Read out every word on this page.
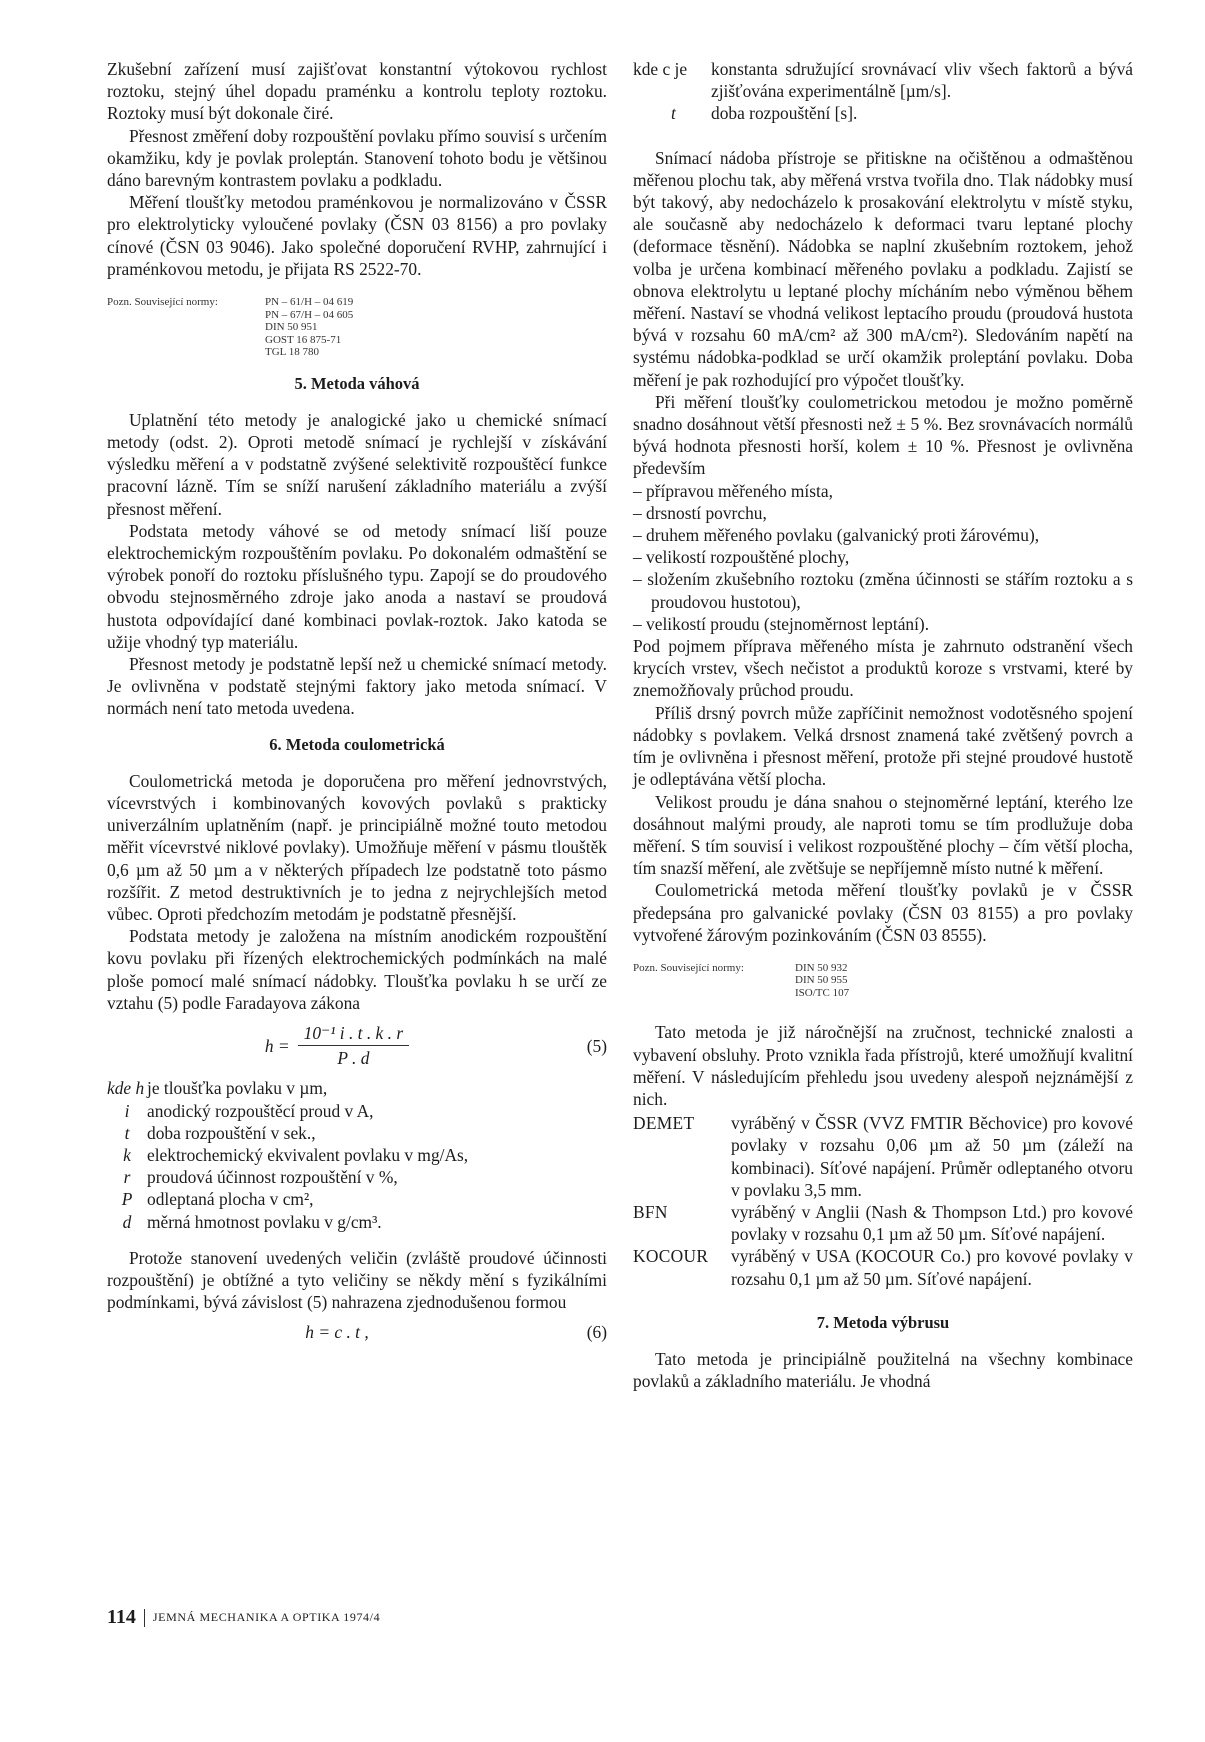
Zkušební zařízení musí zajišťovat konstantní výtokovou rychlost roztoku, stejný úhel dopadu praménku a kontrolu teploty roztoku. Roztoky musí být dokonale čiré.

Přesnost změření doby rozpouštění povlaku přímo souvisí s určením okamžiku, kdy je povlak proleptán. Stanovení tohoto bodu je většinou dáno barevným kontrastem povlaku a podkladu.

Měření tloušťky metodou praménkovou je normalizováno v ČSSR pro elektrolyticky vyloučené povlaky (ČSN 03 8156) a pro povlaky cínové (ČSN 03 9046). Jako společné doporučení RVHP, zahrnující i praménkovou metodu, je přijata RS 2522-70.

Pozn. Související normy:	PN – 61/H – 04 619
PN – 67/H – 04 605
DIN 50 951
GOST 16 875-71
TGL 18 780
5. Metoda váhová

Uplatnění této metody je analogické jako u chemické snímací metody (odst. 2). Oproti metodě snímací je rychlejší v získávání výsledku měření a v podstatně zvýšené selektivitě rozpouštěcí funkce pracovní lázně. Tím se sníží narušení základního materiálu a zvýší přesnost měření.

Podstata metody váhové se od metody snímací liší pouze elektrochemickým rozpouštěním povlaku. Po dokonalém odmaštění se výrobek ponoří do roztoku příslušného typu. Zapojí se do proudového obvodu stejnosměrného zdroje jako anoda a nastaví se proudová hustota odpovídající dané kombinaci povlak-roztok. Jako katoda se užije vhodný typ materiálu.

Přesnost metody je podstatně lepší než u chemické snímací metody. Je ovlivněna v podstatě stejnými faktory jako metoda snímací. V normách není tato metoda uvedena.

6. Metoda coulometrická

Coulometrická metoda je doporučena pro měření jednovrstvých, vícevrstvých i kombinovaných kovových povlaků s prakticky univerzálním uplatněním (např. je principiálně možné touto metodou měřit vícevrstvé niklové povlaky). Umožňuje měření v pásmu tlouštěk 0,6 µm až 50 µm a v některých případech lze podstatně toto pásmo rozšířit. Z metod destruktivních je to jedna z nejrychlejších metod vůbec. Oproti předchozím metodám je podstatně přesnější.

Podstata metody je založena na místním anodickém rozpouštění kovu povlaku při řízených elektrochemických podmínkách na malé ploše pomocí malé snímací nádobky. Tloušťka povlaku h se určí ze vztahu (5) podle Faradayova zákona

$h = \frac{\text{10⁻¹ i . t . k . r}}{P . d}$	(5)
kde h je tloušťka povlaku v µm,
i	anodický rozpouštěcí proud v A,
t	doba rozpouštění v sek.,
k elektrochemický ekvivalent povlaku v mg/As,
r proudová účinnost rozpouštění v %,
P odleptaná plocha v cm²,
d měrná hmotnost povlaku v g/cm³.

Protože stanovení uvedených veličin (zvláště proudové účinnosti rozpouštění) je obtížné a tyto veličiny se někdy mění s fyzikálními podmínkami, bývá závislost (5) nahrazena zjednodušenou formou

h = c . t ,	(6)
kde c je	konstanta sdružující srovnávací vliv všech faktorů a bývá zjišťována experimentálně [µm/s].
t	doba rozpouštění [s].

Snímací nádoba přístroje se přitiskne na očištěnou a odmaštěnou měřenou plochu tak, aby měřená vrstva tvořila dno. Tlak nádobky musí být takový, aby nedocházelo k prosakování elektrolytu v místě styku, ale současně aby nedocházelo k deformaci tvaru leptané plochy (deformace těsnění). Nádobka se naplní zkušebním roztokem, jehož volba je určena kombinací měřeného povlaku a podkladu. Zajistí se obnova elektrolytu u leptané plochy mícháním nebo výměnou během měření. Nastaví se vhodná velikost leptacího proudu (proudová hustota bývá v rozsahu 60 mA/cm² až 300 mA/cm²). Sledováním napětí na systému nádobka-podklad se určí okamžik proleptání povlaku. Doba měření je pak rozhodující pro výpočet tloušťky.

Při měření tloušťky coulometrickou metodou je možno poměrně snadno dosáhnout větší přesnosti než ± 5 %. Bez srovnávacích normálů bývá hodnota přesnosti horší, kolem ± 10 %. Přesnost je ovlivněna především

– přípravou měřeného místa,
– drsností povrchu,
– druhem měřeného povlaku (galvanický proti žárovému),
– velikostí rozpouštěné plochy,
– složením zkušebního roztoku (změna účinnosti se stářím roztoku a s proudovou hustotou),
– velikostí proudu (stejnoměrnost leptání).

Pod pojmem příprava měřeného místa je zahrnuto odstranění všech krycích vrstev, všech nečistot a produktů koroze s vrstvami, které by znemožňovaly průchod proudu.

Příliš drsný povrch může zapříčinit nemožnost vodotěsného spojení nádobky s povlakem. Velká drsnost znamená také zvětšený povrch a tím je ovlivněna i přesnost měření, protože při stejné proudové hustotě je odleptávána větší plocha.

Velikost proudu je dána snahou o stejnoměrné leptání, kterého lze dosáhnout malými proudy, ale naproti tomu se tím prodlužuje doba měření. S tím souvisí i velikost rozpouštěné plochy – čím větší plocha, tím snazší měření, ale zvětšuje se nepříjemně místo nutné k měření.

Coulometrická metoda měření tloušťky povlaků je v ČSSR předepsána pro galvanické povlaky (ČSN 03 8155) a pro povlaky vytvořené žárovým pozinkováním (ČSN 03 8555).

Pozn. Související normy:	DIN 50 932
DIN 50 955
ISO/TC 107

Tato metoda je již náročnější na zručnost, technické znalosti a vybavení obsluhy. Proto vznikla řada přístrojů, které umožňují kvalitní měření. V následujícím přehledu jsou uvedeny alespoň nejznámější z nich.

DEMET	vyráběný v ČSSR (VVZ FMTIR Běchovice) pro kovové povlaky v rozsahu 0,06 µm až 50 µm (záleží na kombinaci). Síťové napájení. Průměr odleptaného otvoru v povlaku 3,5 mm.
BFN	vyráběný v Anglii (Nash & Thompson Ltd.) pro kovové povlaky v rozsahu 0,1 µm až 50 µm. Síťové napájení.
KOCOUR	vyráběný v USA (KOCOUR Co.) pro kovové povlaky v rozsahu 0,1 µm až 50 µm. Síťové napájení.
7. Metoda výbrusu

Tato metoda je principiálně použitelná na všechny kombinace povlaků a základního materiálu. Je vhodná

114 JEMNÁ MECHANIKA A OPTIKA 1974/4
